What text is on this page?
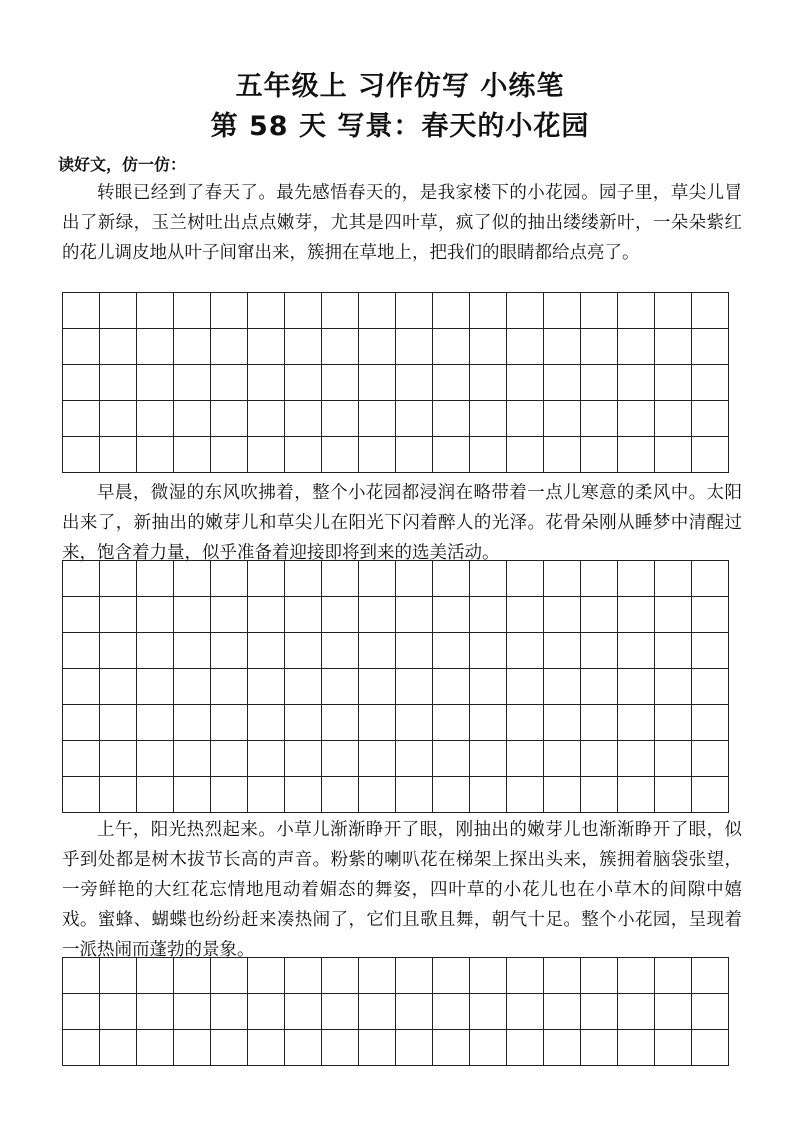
五年级上 习作仿写 小练笔
第 58 天 写景：春天的小花园
读好文，仿一仿：

转眼已经到了春天了。最先感悟春天的，是我家楼下的小花园。园子里，草尖儿冒出了新绿，玉兰树吐出点点嫩芽，尤其是四叶草，疯了似的抽出缕缕新叶，一朵朵紫红的花儿调皮地从叶子间窜出来，簇拥在草地上，把我们的眼睛都给点亮了。

早晨，微湿的东风吹拂着，整个小花园都浸润在略带着一点儿寒意的柔风中。太阳出来了，新抽出的嫩芽儿和草尖儿在阳光下闪着醉人的光泽。花骨朵刚从睡梦中清醒过来，饱含着力量，似乎准备着迎接即将到来的选美活动。

上午，阳光热烈起来。小草儿渐渐睁开了眼，刚抽出的嫩芽儿也渐渐睁开了眼，似乎到处都是树木拔节长高的声音。粉紫的喇叭花在梯架上探出头来，簇拥着脑袋张望，一旁鲜艳的大红花忘情地甩动着媚态的舞姿，四叶草的小花儿也在小草木的间隙中嬉戏。蜜蜂、蝴蝶也纷纷赶来凑热闹了，它们且歌且舞，朝气十足。整个小花园，呈现着一派热闹而蓬勃的景象。
